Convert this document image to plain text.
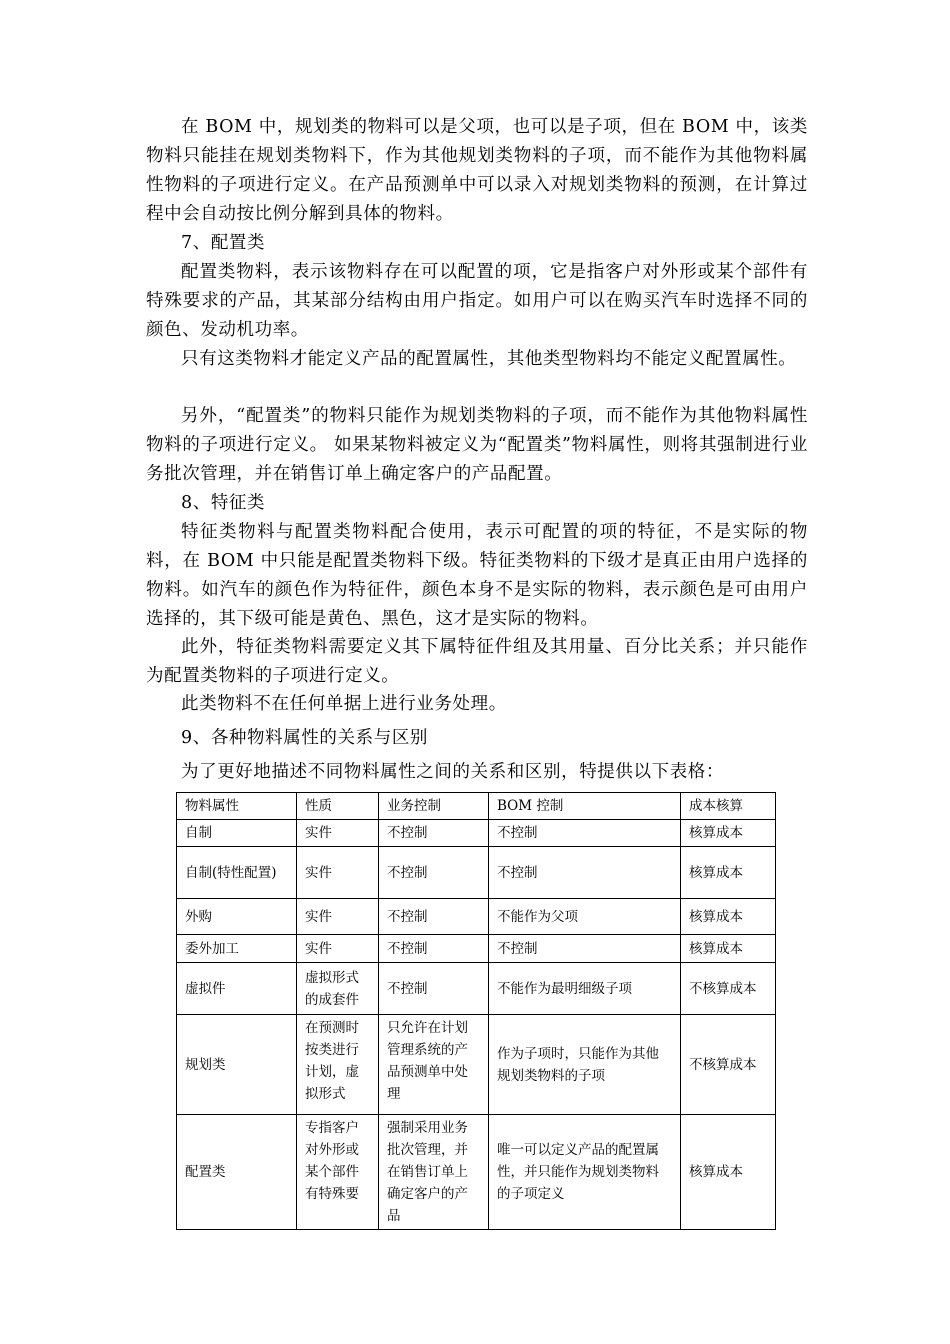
在 BOM 中，规划类的物料可以是父项，也可以是子项，但在 BOM 中，该类物料只能挂在规划类物料下，作为其他规划类物料的子项，而不能作为其他物料属性物料的子项进行定义。在产品预测单中可以录入对规划类物料的预测，在计算过程中会自动按比例分解到具体的物料。

7、配置类

配置类物料，表示该物料存在可以配置的项，它是指客户对外形或某个部件有特殊要求的产品，其某部分结构由用户指定。如用户可以在购买汽车时选择不同的颜色、发动机功率。

只有这类物料才能定义产品的配置属性，其他类型物料均不能定义配置属性。

另外，“配置类”的物料只能作为规划类物料的子项，而不能作为其他物料属性物料的子项进行定义。 如果某物料被定义为“配置类”物料属性，则将其强制进行业务批次管理，并在销售订单上确定客户的产品配置。

8、特征类

特征类物料与配置类物料配合使用，表示可配置的项的特征，不是实际的物料，在 BOM 中只能是配置类物料下级。特征类物料的下级才是真正由用户选择的物料。如汽车的颜色作为特征件，颜色本身不是实际的物料，表示颜色是可由用户选择的，其下级可能是黄色、黑色，这才是实际的物料。

此外，特征类物料需要定义其下属特征件组及其用量、百分比关系；并只能作为配置类物料的子项进行定义。

此类物料不在任何单据上进行业务处理。

9、各种物料属性的关系与区别

为了更好地描述不同物料属性之间的关系和区别，特提供以下表格：

物料属性	性质	业务控制	BOM 控制	成本核算
自制	实件	不控制	不控制	核算成本
自制(特性配置)	实件	不控制	不控制	核算成本
外购	实件	不控制	不能作为父项	核算成本
委外加工	实件	不控制	不控制	核算成本
虚拟件	虚拟形式的成套件	不控制	不能作为最明细级子项	不核算成本
规划类	在预测时按类进行计划，虚拟形式	只允许在计划管理系统的产品预测单中处理	作为子项时，只能作为其他规划类物料的子项	不核算成本
配置类	专指客户对外形或某个部件有特殊要	强制采用业务批次管理，并在销售订单上确定客户的产品	唯一可以定义产品的配置属性，并只能作为规划类物料的子项定义	核算成本
